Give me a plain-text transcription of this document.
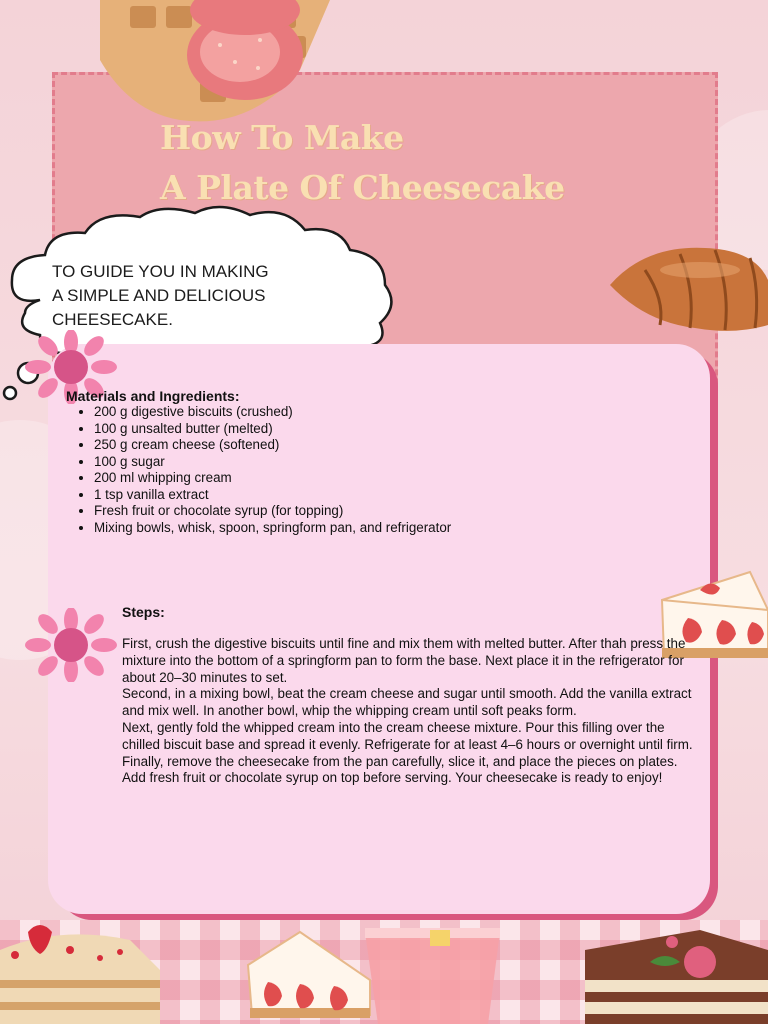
How To Make
A Plate Of Cheesecake
TO GUIDE YOU IN MAKING
A SIMPLE AND DELICIOUS
CHEESECAKE.
Materials and Ingredients:
• 200 g digestive biscuits (crushed)
• 100 g unsalted butter (melted)
• 250 g cream cheese (softened)
• 100 g sugar
• 200 ml whipping cream
• 1 tsp vanilla extract
• Fresh fruit or chocolate syrup (for topping)
• Mixing bowls, whisk, spoon, springform pan, and refrigerator
Steps:

First, crush the digestive biscuits until fine and mix them with melted butter. After thah press the mixture into the bottom of a springform pan to form the base. Next place it in the refrigerator for about 20–30 minutes to set.

Second, in a mixing bowl, beat the cream cheese and sugar until smooth. Add the vanilla extract and mix well. In another bowl, whip the whipping cream until soft peaks form.

Next, gently fold the whipped cream into the cream cheese mixture. Pour this filling over the chilled biscuit base and spread it evenly. Refrigerate for at least 4–6 hours or overnight until firm.

Finally, remove the cheesecake from the pan carefully, slice it, and place the pieces on plates. Add fresh fruit or chocolate syrup on top before serving. Your cheesecake is ready to enjoy!
